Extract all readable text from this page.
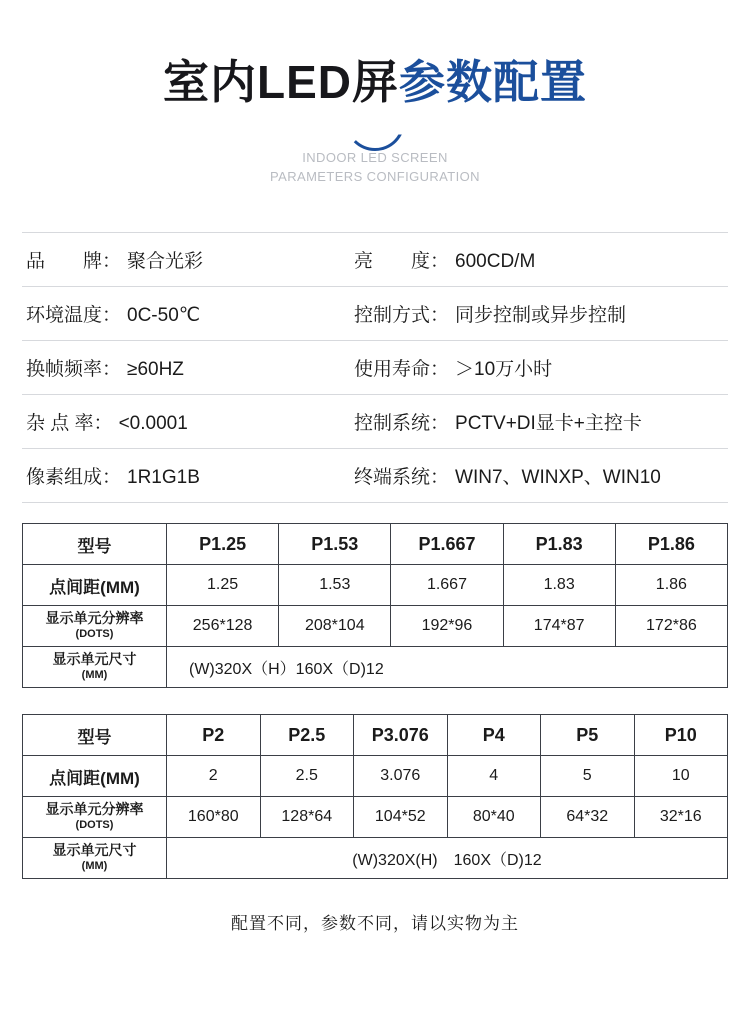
室内LED屏参数配置
INDOOR LED SCREEN
PARAMETERS CONFIGURATION
品　　牌： 聚合光彩	亮　　度： 600CD/M
环境温度： 0C-50℃	控制方式： 同步控制或异步控制
换帧频率： ≥60HZ	使用寿命： ＞10万小时
杂 点 率： <0.0001	控制系统： PCTV+DI显卡+主控卡
像素组成： 1R1G1B	终端系统： WIN7、WINXP、WIN10
型号	P1.25	P1.53	P1.667	P1.83	P1.86
点间距(MM)	1.25	1.53	1.667	1.83	1.86
显示单元分辨率
(DOTS)	256*128	208*104	192*96	174*87	172*86
显示单元尺寸
(MM)	(W)320X（H）160X（D)12				
型号	P2	P2.5	P3.076	P4	P5	P10
点间距(MM)	2	2.5	3.076	4	5	10
显示单元分辨率
(DOTS)	160*80	128*64	104*52	80*40	64*32	32*16
显示单元尺寸
(MM)	(W)320X(H)　160X（D)12					
配置不同，参数不同，请以实物为主
